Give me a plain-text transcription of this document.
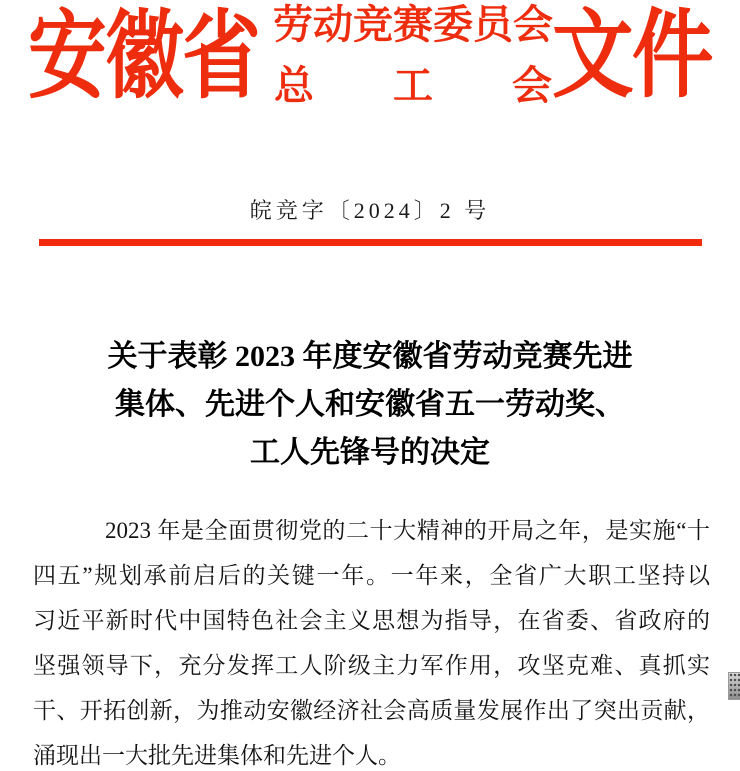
安徽省 劳动竞赛委员会
总 工 会 文件
皖竞字〔2024〕2 号
关于表彰 2023 年度安徽省劳动竞赛先进
集体、先进个人和安徽省五一劳动奖、
工人先锋号的决定
2023 年是全面贯彻党的二十大精神的开局之年，是实施“十
四五”规划承前启后的关键一年。一年来，全省广大职工坚持以
习近平新时代中国特色社会主义思想为指导，在省委、省政府的
坚强领导下，充分发挥工人阶级主力军作用，攻坚克难、真抓实
干、开拓创新，为推动安徽经济社会高质量发展作出了突出贡献，
涌现出一大批先进集体和先进个人。
